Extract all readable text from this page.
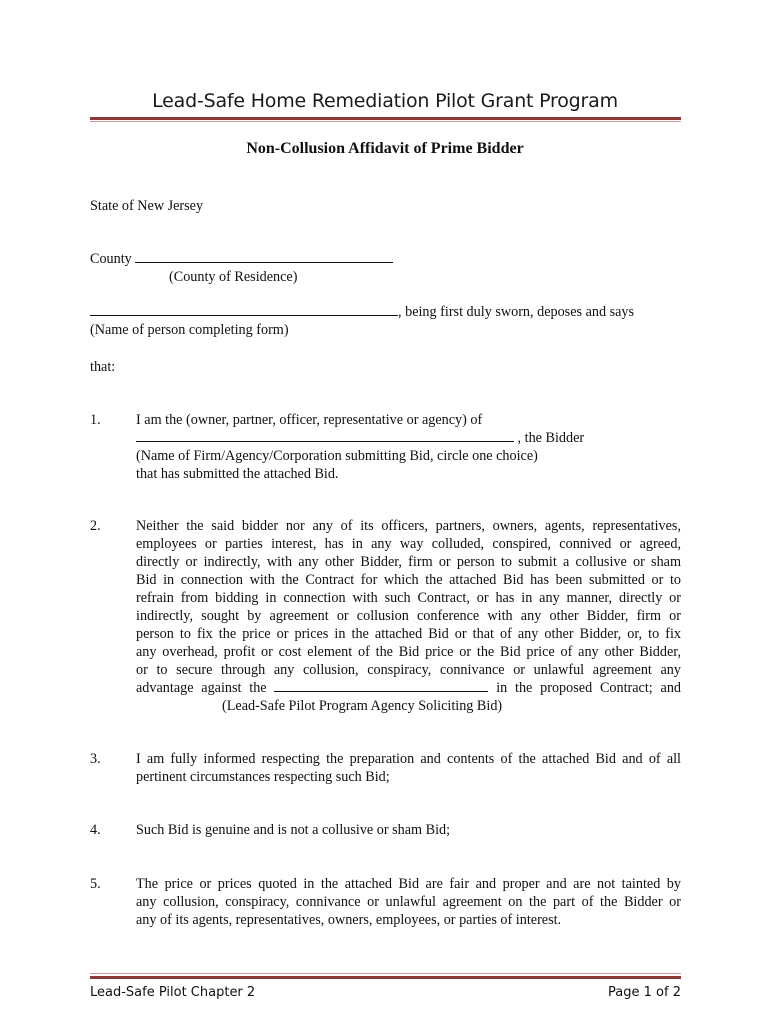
Lead-Safe Home Remediation Pilot Grant Program
Non-Collusion Affidavit of Prime Bidder
State of New Jersey
County
(County of Residence)
, being first duly sworn, deposes and says
(Name of person completing form)
that:
1. I am the (owner, partner, officer, representative or agency) of
, the Bidder
(Name of Firm/Agency/Corporation submitting Bid, circle one choice)
that has submitted the attached Bid.
2. Neither the said bidder nor any of its officers, partners, owners, agents, representatives,
employees or parties interest, has in any way colluded, conspired, connived or agreed,
directly or indirectly, with any other Bidder, firm or person to submit a collusive or sham
Bid in connection with the Contract for which the attached Bid has been submitted or to
refrain from bidding in connection with such Contract, or has in any manner, directly or
indirectly, sought by agreement or collusion conference with any other Bidder, firm or
person to fix the price or prices in the attached Bid or that of any other Bidder, or, to fix
any overhead, profit or cost element of the Bid price or the Bid price of any other Bidder,
or to secure through any collusion, conspiracy, connivance or unlawful agreement any
advantage against the	in the proposed Contract; and
(Lead-Safe Pilot Program Agency Soliciting Bid)
3. I am fully informed respecting the preparation and contents of the attached Bid and of all
pertinent circumstances respecting such Bid;
4. Such Bid is genuine and is not a collusive or sham Bid;
5. The price or prices quoted in the attached Bid are fair and proper and are not tainted by
any collusion, conspiracy, connivance or unlawful agreement on the part of the Bidder or
any of its agents, representatives, owners, employees, or parties of interest.
Lead-Safe Pilot Chapter 2	Page 1 of 2
